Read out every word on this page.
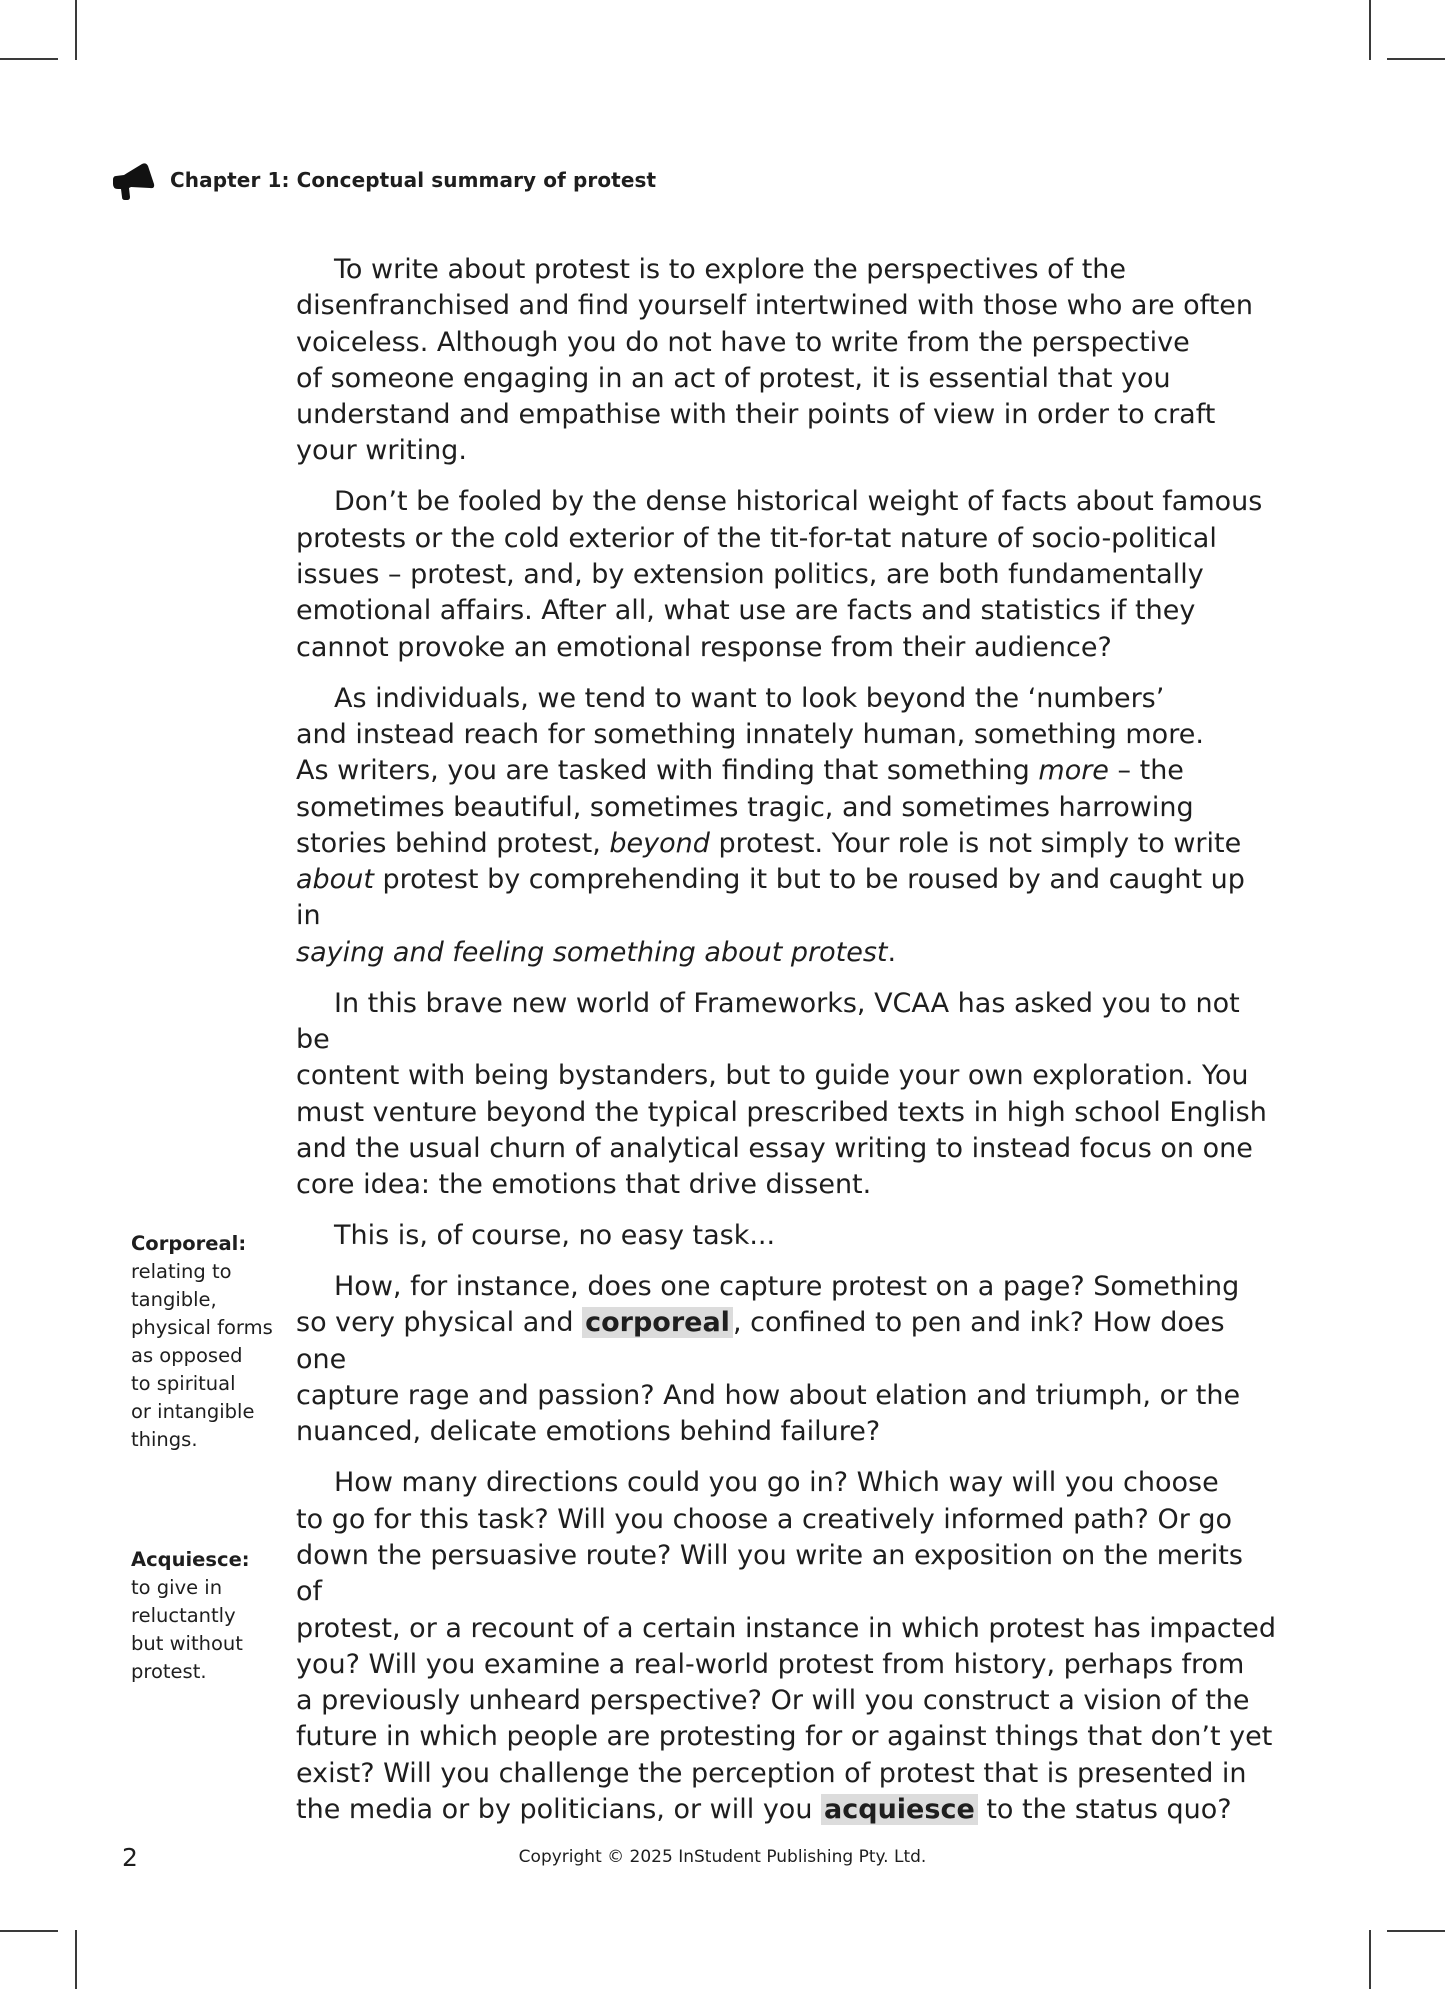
Chapter 1: Conceptual summary of protest

To write about protest is to explore the perspectives of the
disenfranchised and find yourself intertwined with those who are often
voiceless. Although you do not have to write from the perspective
of someone engaging in an act of protest, it is essential that you
understand and empathise with their points of view in order to craft
your writing.

Don’t be fooled by the dense historical weight of facts about famous
protests or the cold exterior of the tit-for-tat nature of socio-political
issues – protest, and, by extension politics, are both fundamentally
emotional affairs. After all, what use are facts and statistics if they
cannot provoke an emotional response from their audience?

As individuals, we tend to want to look beyond the ‘numbers’
and instead reach for something innately human, something more.
As writers, you are tasked with finding that something more – the
sometimes beautiful, sometimes tragic, and sometimes harrowing
stories behind protest, beyond protest. Your role is not simply to write
about protest by comprehending it but to be roused by and caught up in
saying and feeling something about protest.

In this brave new world of Frameworks, VCAA has asked you to not be
content with being bystanders, but to guide your own exploration. You
must venture beyond the typical prescribed texts in high school English
and the usual churn of analytical essay writing to instead focus on one
core idea: the emotions that drive dissent.

This is, of course, no easy task...

How, for instance, does one capture protest on a page? Something
so very physical and corporeal , confined to pen and ink? How does one
capture rage and passion? And how about elation and triumph, or the
nuanced, delicate emotions behind failure?

How many directions could you go in? Which way will you choose
to go for this task? Will you choose a creatively informed path? Or go
down the persuasive route? Will you write an exposition on the merits of
protest, or a recount of a certain instance in which protest has impacted
you? Will you examine a real-world protest from history, perhaps from
a previously unheard perspective? Or will you construct a vision of the
future in which people are protesting for or against things that don’t yet
exist? Will you challenge the perception of protest that is presented in
the media or by politicians, or will you acquiesce to the status quo?

Corporeal:
relating to
tangible,
physical forms
as opposed
to spiritual
or intangible
things.
Acquiesce:
to give in
reluctantly
but without
protest.
2	Copyright © 2025 InStudent Publishing Pty. Ltd.
